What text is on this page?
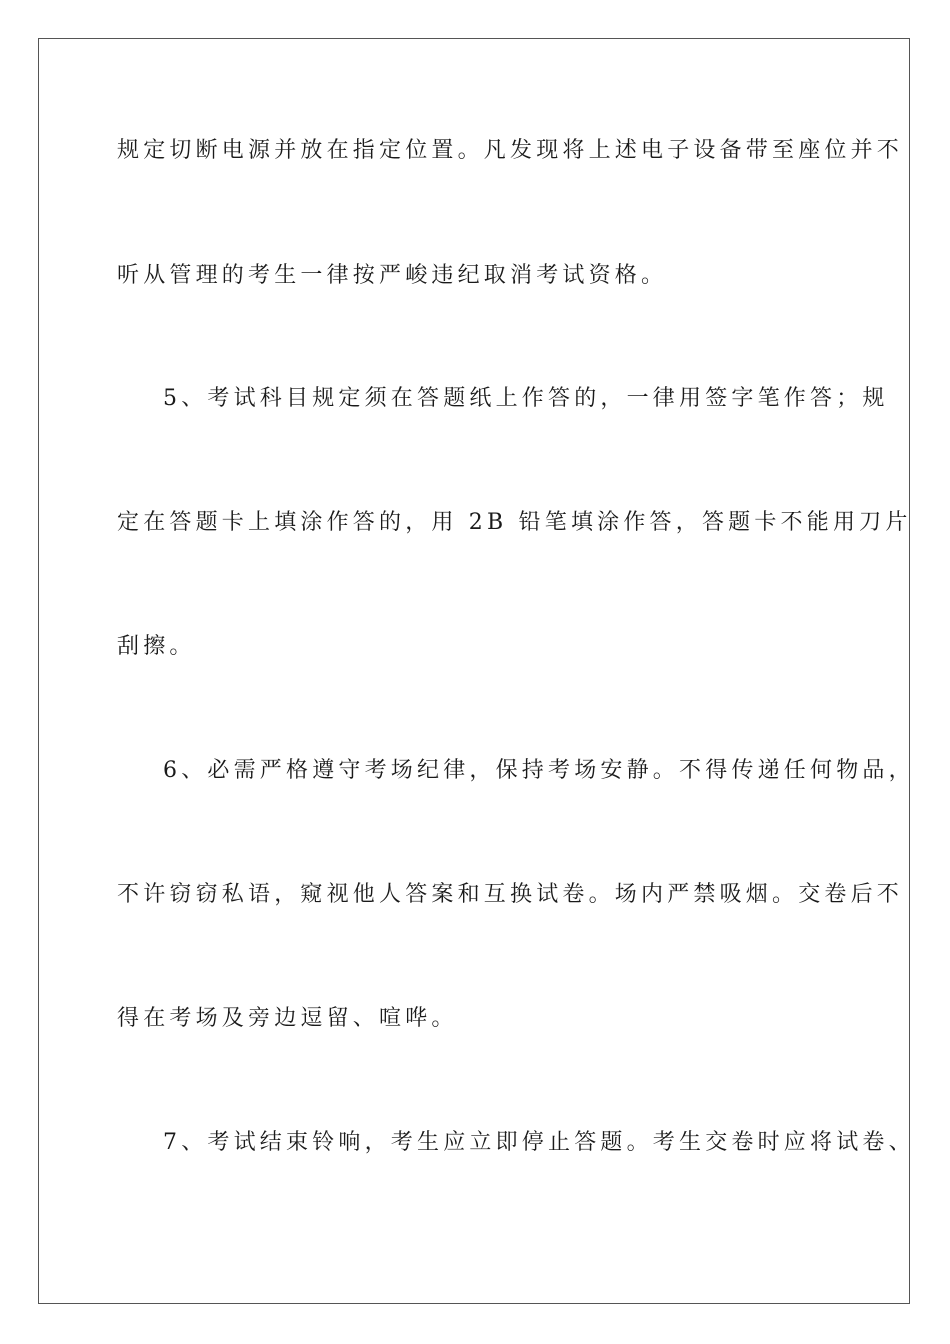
规定切断电源并放在指定位置。凡发现将上述电子设备带至座位并不
听从管理的考生一律按严峻违纪取消考试资格。
5、考试科目规定须在答题纸上作答的，一律用签字笔作答；规
定在答题卡上填涂作答的，用 2B 铅笔填涂作答，答题卡不能用刀片
刮擦。
6、必需严格遵守考场纪律，保持考场安静。不得传递任何物品，
不许窃窃私语，窥视他人答案和互换试卷。场内严禁吸烟。交卷后不
得在考场及旁边逗留、喧哗。
7、考试结束铃响，考生应立即停止答题。考生交卷时应将试卷、
